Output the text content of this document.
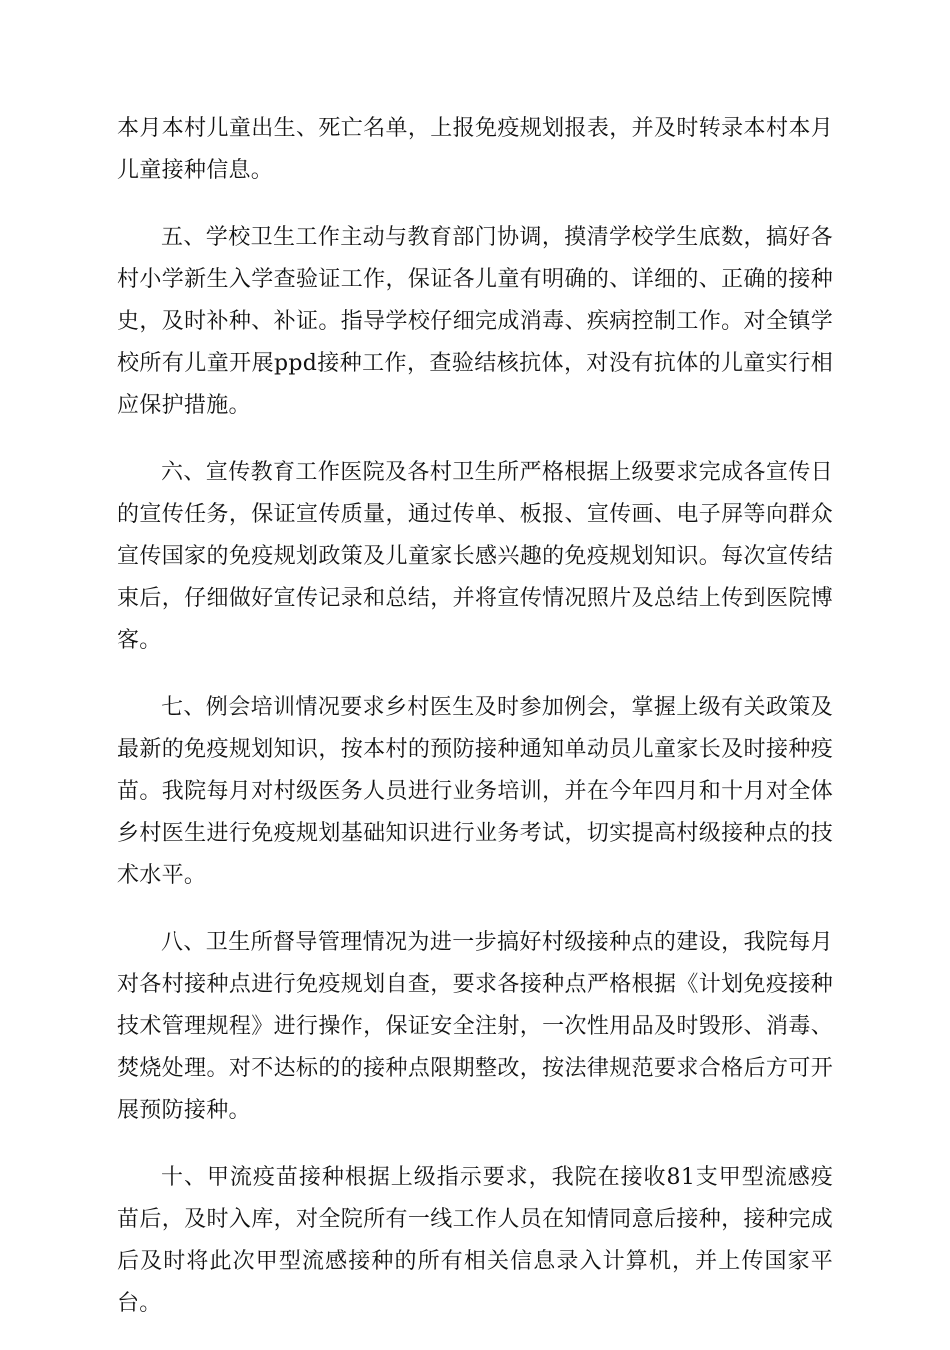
本月本村儿童出生、死亡名单，上报免疫规划报表，并及时转录本村本月儿童接种信息。

五、学校卫生工作主动与教育部门协调，摸清学校学生底数，搞好各村小学新生入学查验证工作，保证各儿童有明确的、详细的、正确的接种史，及时补种、补证。指导学校仔细完成消毒、疾病控制工作。对全镇学校所有儿童开展ppd接种工作，查验结核抗体，对没有抗体的儿童实行相应保护措施。

六、宣传教育工作医院及各村卫生所严格根据上级要求完成各宣传日的宣传任务，保证宣传质量，通过传单、板报、宣传画、电子屏等向群众宣传国家的免疫规划政策及儿童家长感兴趣的免疫规划知识。每次宣传结束后，仔细做好宣传记录和总结，并将宣传情况照片及总结上传到医院博客。

七、例会培训情况要求乡村医生及时参加例会，掌握上级有关政策及最新的免疫规划知识，按本村的预防接种通知单动员儿童家长及时接种疫苗。我院每月对村级医务人员进行业务培训，并在今年四月和十月对全体乡村医生进行免疫规划基础知识进行业务考试，切实提高村级接种点的技术水平。

八、卫生所督导管理情况为进一步搞好村级接种点的建设，我院每月对各村接种点进行免疫规划自查，要求各接种点严格根据《计划免疫接种技术管理规程》进行操作，保证安全注射，一次性用品及时毁形、消毒、焚烧处理。对不达标的的接种点限期整改，按法律规范要求合格后方可开展预防接种。

十、甲流疫苗接种根据上级指示要求，我院在接收81支甲型流感疫苗后，及时入库，对全院所有一线工作人员在知情同意后接种，接种完成后及时将此次甲型流感接种的所有相关信息录入计算机，并上传国家平台。
